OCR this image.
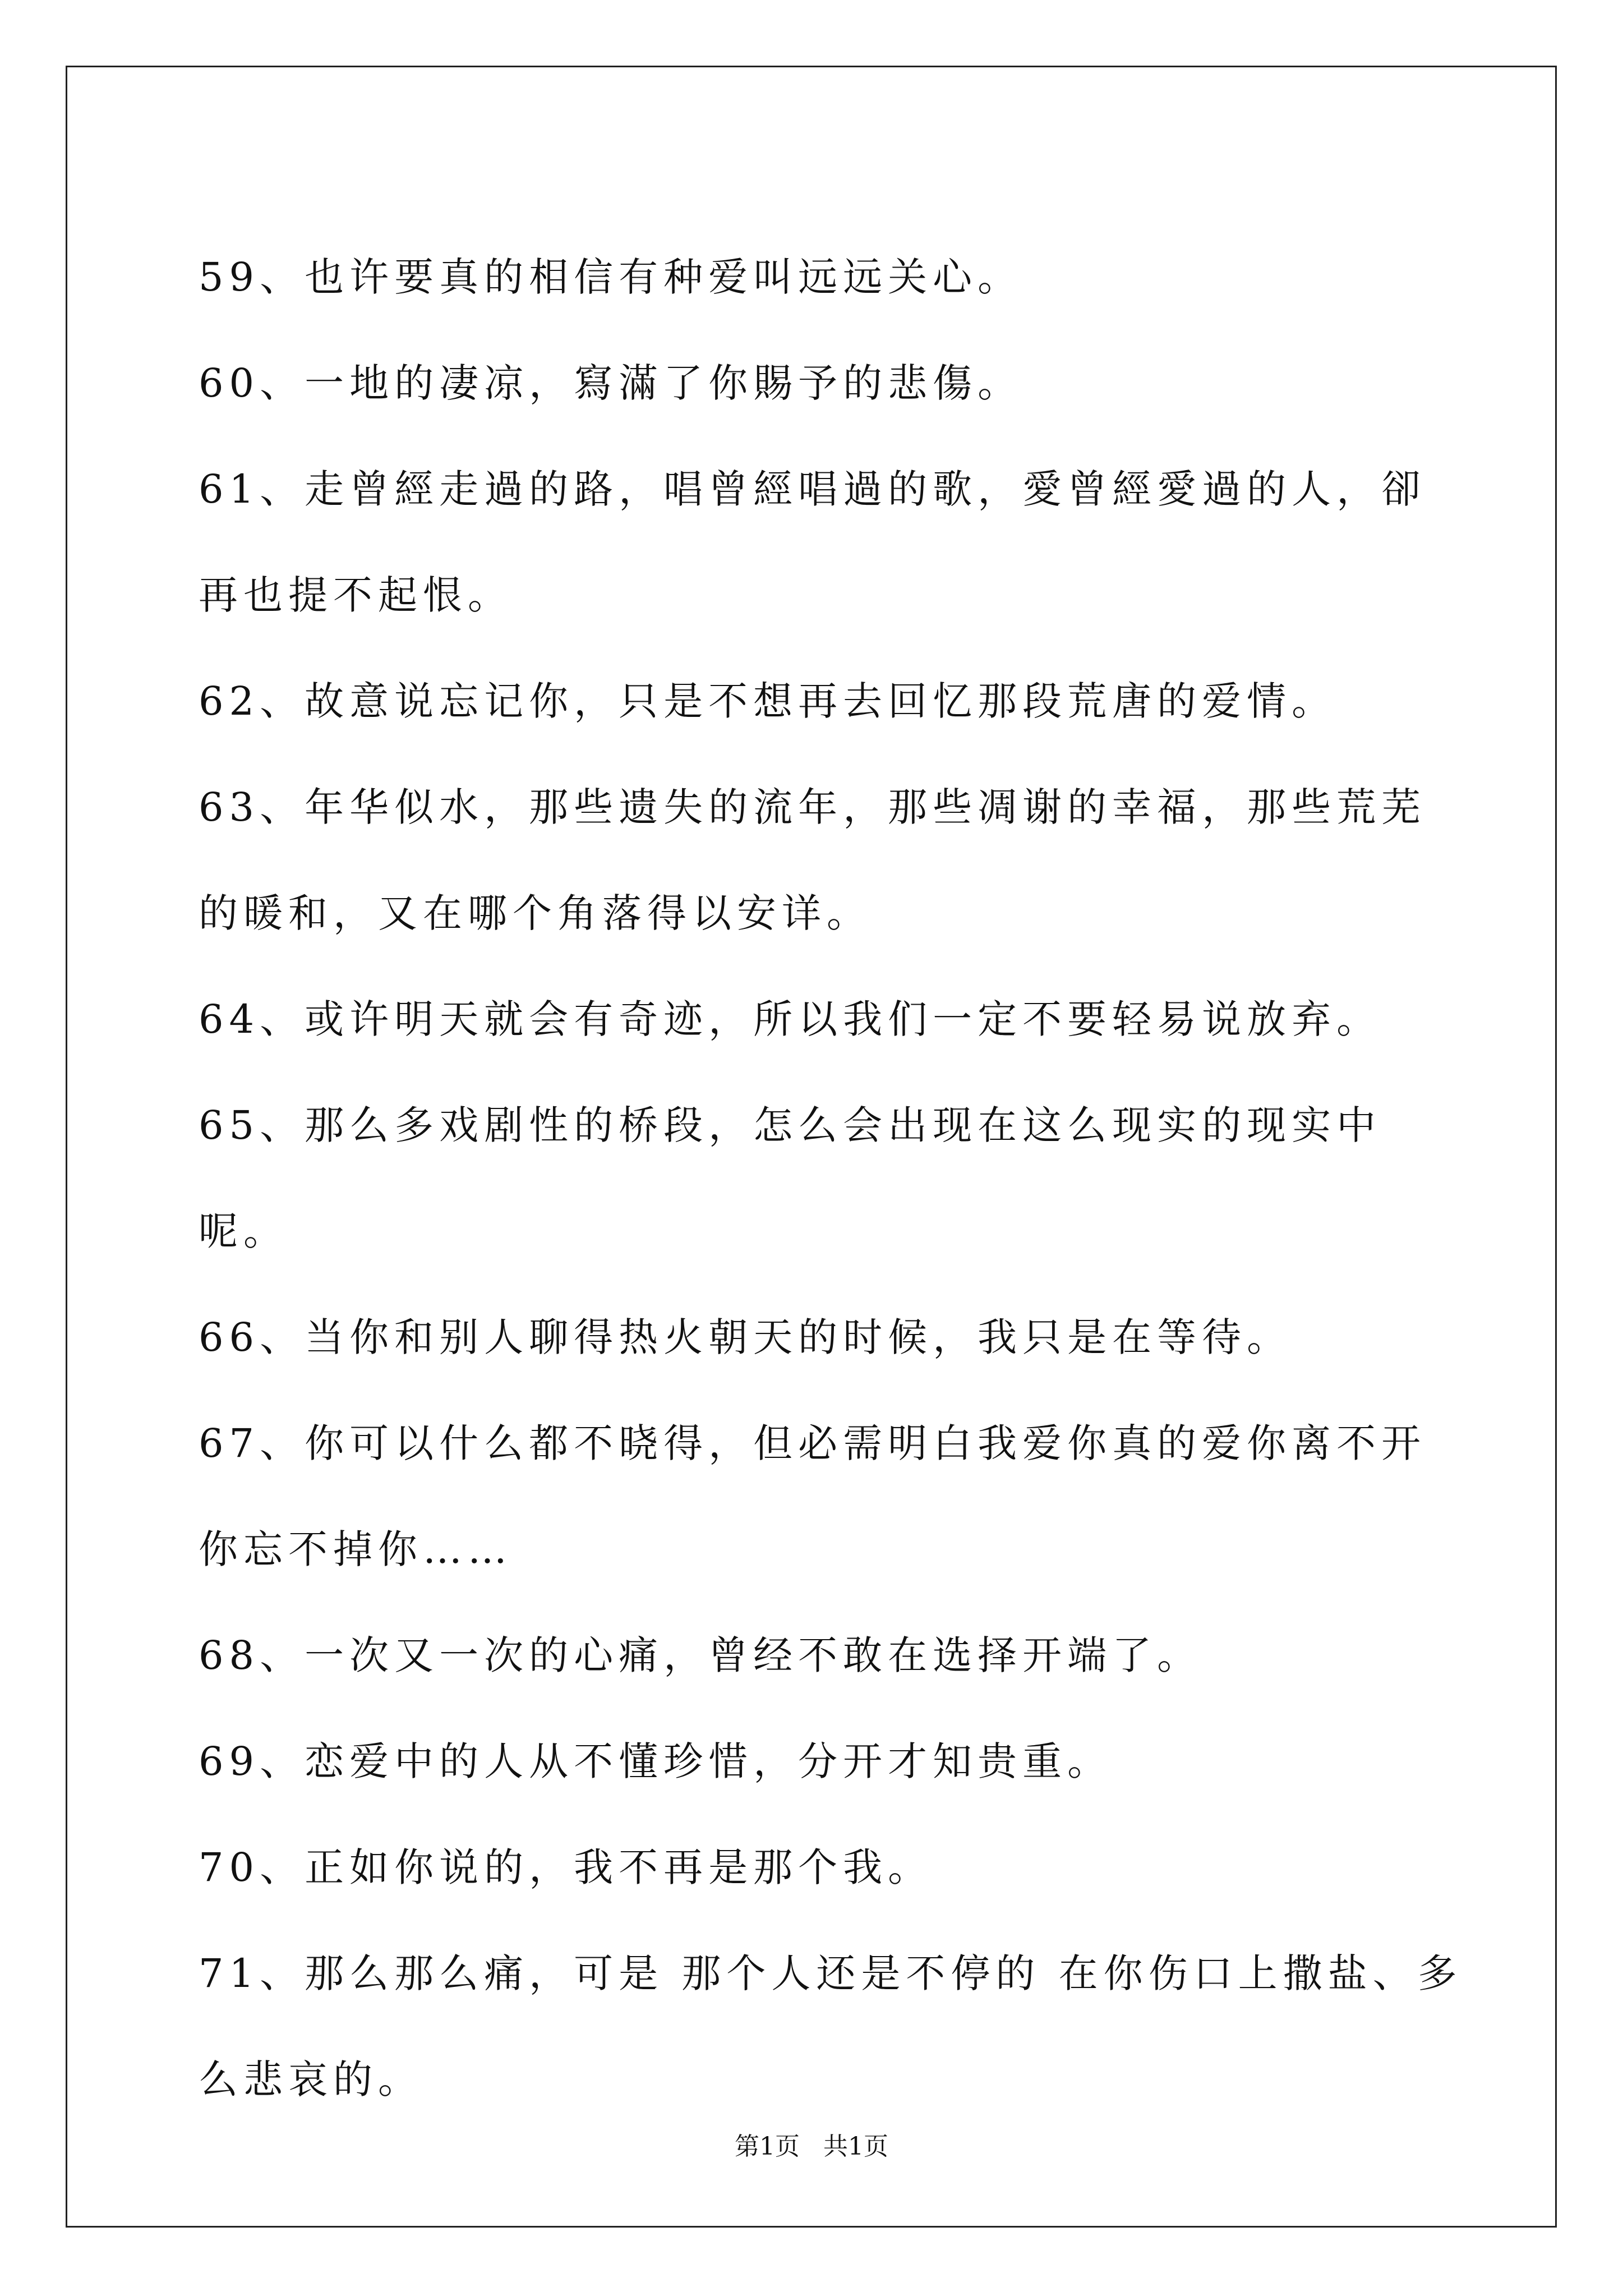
59、也许要真的相信有种爱叫远远关心。

60、一地的凄凉，寫滿了你賜予的悲傷。

61、走曾經走過的路，唱曾經唱過的歌，愛曾經愛過的人，卻再也提不起恨。

62、故意说忘记你，只是不想再去回忆那段荒唐的爱情。

63、年华似水，那些遗失的流年，那些凋谢的幸福，那些荒芜的暖和，又在哪个角落得以安详。

64、或许明天就会有奇迹，所以我们一定不要轻易说放弃。

65、那么多戏剧性的桥段，怎么会出现在这么现实的现实中呢。

66、当你和别人聊得热火朝天的时候，我只是在等待。

67、你可以什么都不晓得，但必需明白我爱你真的爱你离不开你忘不掉你……

68、一次又一次的心痛，曾经不敢在选择开端了。

69、恋爱中的人从不懂珍惜，分开才知贵重。

70、正如你说的，我不再是那个我。

71、那么那么痛，可是 那个人还是不停的 在你伤口上撒盐、多么悲哀的。

第1页 共1页
